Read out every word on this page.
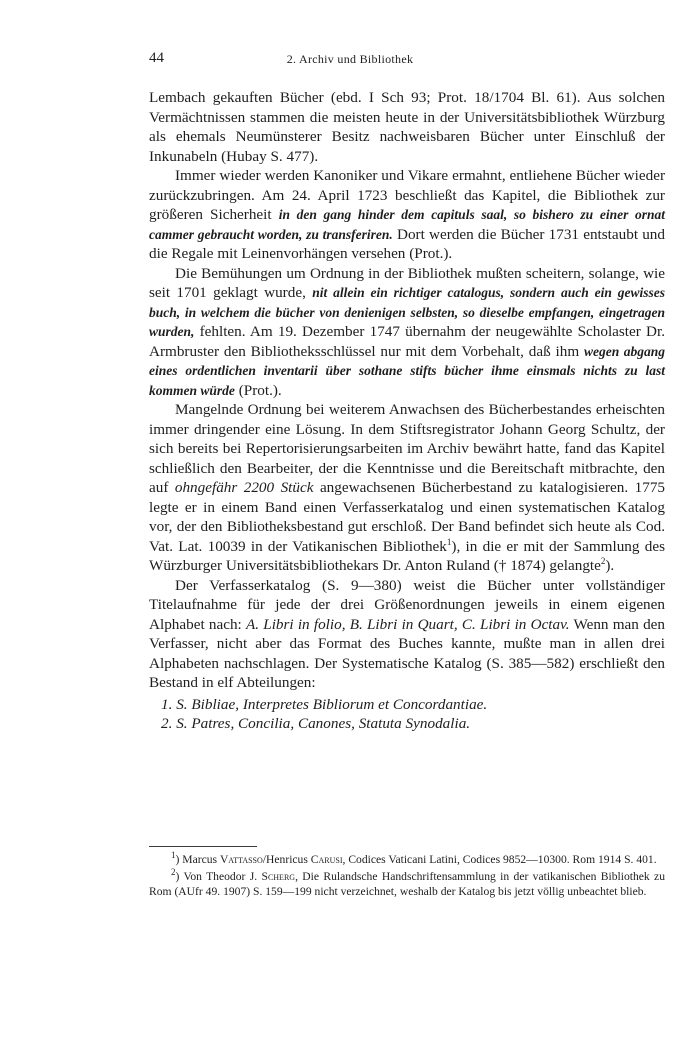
44	2. Archiv und Bibliothek

Lembach gekauften Bücher (ebd. I Sch 93; Prot. 18/1704 Bl. 61). Aus solchen Vermächtnissen stammen die meisten heute in der Universitätsbibliothek Würzburg als ehemals Neumünsterer Besitz nachweisbaren Bücher unter Einschluß der Inkunabeln (Hubay S. 477).

Immer wieder werden Kanoniker und Vikare ermahnt, entliehene Bücher wieder zurückzubringen. Am 24. April 1723 beschließt das Kapitel, die Bibliothek zur größeren Sicherheit in den gang hinder dem capituls saal, so bishero zu einer ornat cammer gebraucht worden, zu transferiren. Dort werden die Bücher 1731 entstaubt und die Regale mit Leinenvorhängen versehen (Prot.).

Die Bemühungen um Ordnung in der Bibliothek mußten scheitern, solange, wie seit 1701 geklagt wurde, nit allein ein richtiger catalogus, sondern auch ein gewisses buch, in welchem die bücher von denienigen selbsten, so dieselbe empfangen, eingetragen wurden, fehlten. Am 19. Dezember 1747 übernahm der neugewählte Scholaster Dr. Armbruster den Bibliotheksschlüssel nur mit dem Vorbehalt, daß ihm wegen abgang eines ordentlichen inventarii über sothane stifts bücher ihme einsmals nichts zu last kommen würde (Prot.).

Mangelnde Ordnung bei weiterem Anwachsen des Bücherbestandes erheischten immer dringender eine Lösung. In dem Stiftsregistrator Johann Georg Schultz, der sich bereits bei Repertorisierungsarbeiten im Archiv bewährt hatte, fand das Kapitel schließlich den Bearbeiter, der die Kenntnisse und die Bereitschaft mitbrachte, den auf ohngefähr 2200 Stück angewachsenen Bücherbestand zu katalogisieren. 1775 legte er in einem Band einen Verfasserkatalog und einen systematischen Katalog vor, der den Bibliotheksbestand gut erschloß. Der Band befindet sich heute als Cod. Vat. Lat. 10039 in der Vatikanischen Bibliothek$^1$), in die er mit der Sammlung des Würzburger Universitätsbibliothekars Dr. Anton Ruland († 1874) gelangte$^2$).

Der Verfasserkatalog (S. 9—380) weist die Bücher unter vollständiger Titelaufnahme für jede der drei Größenordnungen jeweils in einem eigenen Alphabet nach: A. Libri in folio, B. Libri in Quart, C. Libri in Octav. Wenn man den Verfasser, nicht aber das Format des Buches kannte, mußte man in allen drei Alphabeten nachschlagen. Der Systematische Katalog (S. 385—582) erschließt den Bestand in elf Abteilungen:

1. S. Bibliae, Interpretes Bibliorum et Concordantiae.
2. S. Patres, Concilia, Canones, Statuta Synodalia.

$^1$) Marcus Vattasso/Henricus Carusi, Codices Vaticani Latini, Codices 9852—10300. Rom 1914 S. 401.

$^2$) Von Theodor J. Scherg, Die Rulandsche Handschriftensammlung in der vatikanischen Bibliothek zu Rom (AUfr 49. 1907) S. 159—199 nicht verzeichnet, weshalb der Katalog bis jetzt völlig unbeachtet blieb.
